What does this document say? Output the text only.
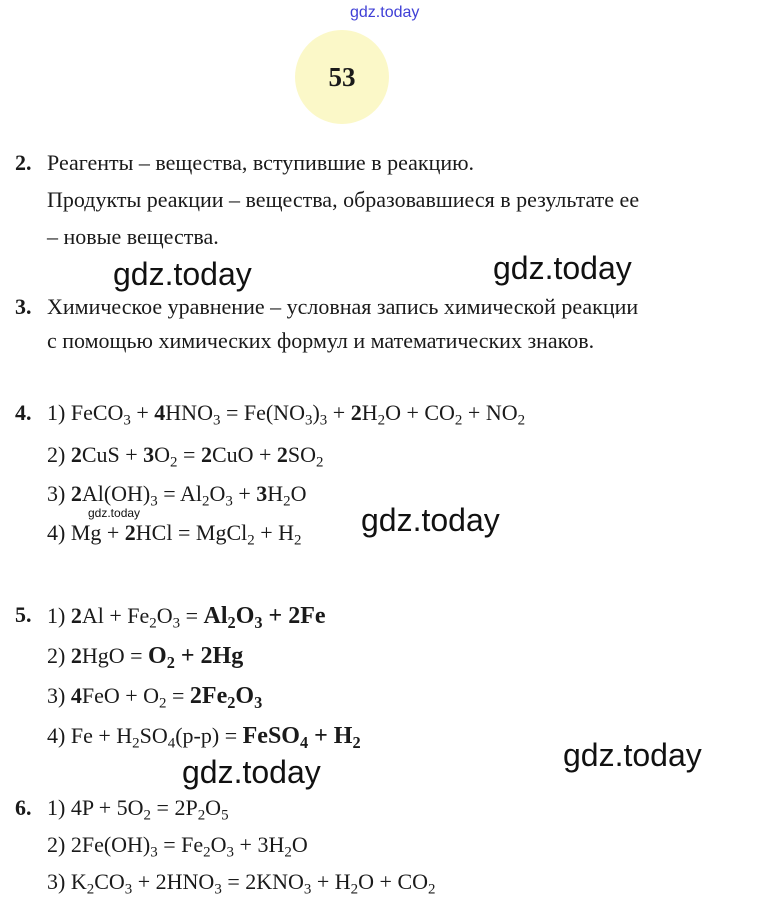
gdz.today
gdz.today	gdz.today
gdz.today	gdz.today
gdz.today
gdz.today
53
2. Реагенты – вещества, вступившие в реакцию.
Продукты реакции – вещества, образовавшиеся в результате ее
– новые вещества.
3. Химическое уравнение – условная запись химической реакции
с помощью химических формул и математических знаков.
4. 1) FeCO$_3$ + $4HNO_3 = Fe(NO_3)_3 + 2H_2O + CO_2 + NO_2$
2) $2CuS + 3O_2 = 2CuO + 2SO_2$
3) $2Al(OH)_3 = Al_2O_3 + 3H_2O$
4) Mg + 2HCl = MgCl$_2$ + $H_2$
5. 1) $2Al + Fe_2O_3 = Al_2O_3 + 2Fe$
2) $2HgO = O_2 + 2Hg$
3) $4FeO + O_2 = 2Fe_2O_3$
4) $Fe + H_2SO_4(р-р)$ = FeSO$_4$ + $H_2$
6. 1) $4P + 5O_2 = 2P_2O_5$
2) $2Fe(OH)_3 = Fe_2O_3 + 3H_2O$
3) $K_2CO_3 + 2HNO_3 = 2KNO_3 + H_2O + CO_2$
